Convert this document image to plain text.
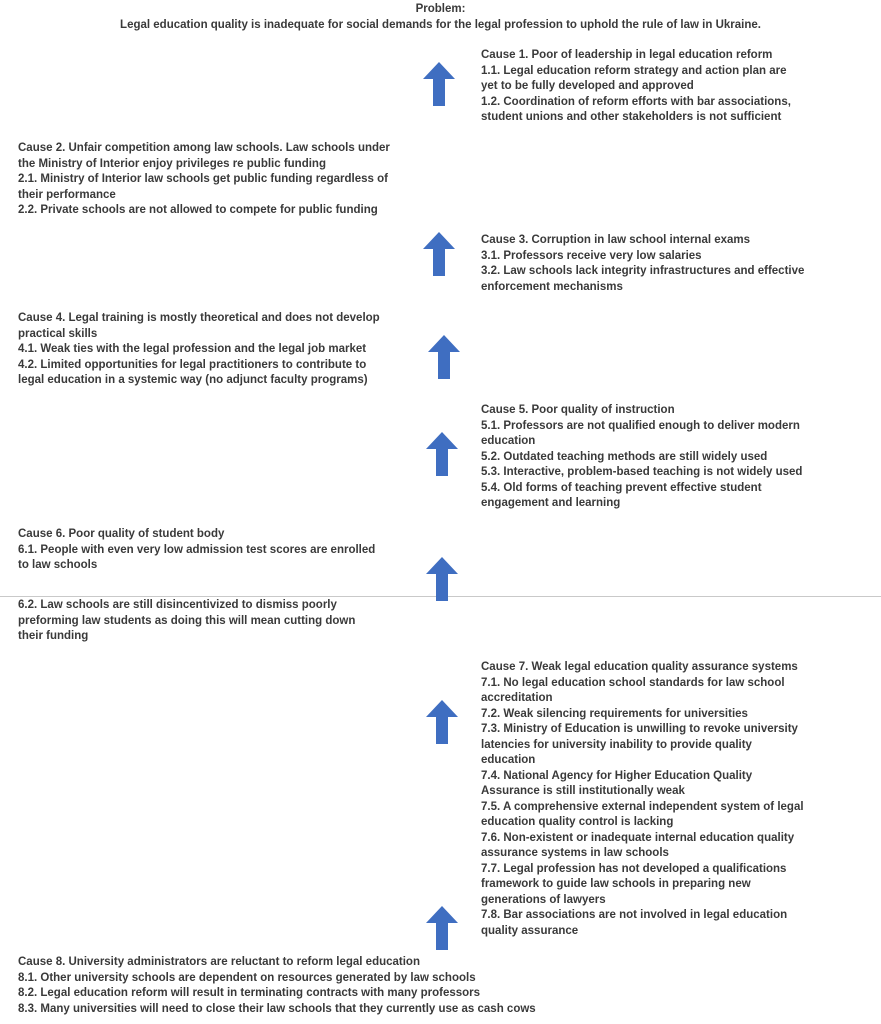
Problem:
Legal education quality is inadequate for social demands for the legal profession to uphold the rule of law in Ukraine.
Cause 1. Poor of leadership in legal education reform
1.1. Legal education reform strategy and action plan are
yet to be fully developed and approved
1.2. Coordination of reform efforts with bar associations,
student unions and other stakeholders is not sufficient
Cause 2. Unfair competition among law schools. Law schools under
the Ministry of Interior enjoy privileges re public funding
2.1. Ministry of Interior law schools get public funding regardless of
their performance
2.2. Private schools are not allowed to compete for public funding
Cause 3. Corruption in law school internal exams
3.1. Professors receive very low salaries
3.2. Law schools lack integrity infrastructures and effective
enforcement mechanisms
Cause 4. Legal training is mostly theoretical and does not develop
practical skills
4.1. Weak ties with the legal profession and the legal job market
4.2. Limited opportunities for legal practitioners to contribute to
legal education in a systemic way (no adjunct faculty programs)
Cause 5. Poor quality of instruction
5.1. Professors are not qualified enough to deliver modern
education
5.2. Outdated teaching methods are still widely used
5.3. Interactive, problem-based teaching is not widely used
5.4. Old forms of teaching prevent effective student
engagement and learning
Cause 6. Poor quality of student body
6.1. People with even very low admission test scores are enrolled
to law schools
6.2. Law schools are still disincentivized to dismiss poorly
preforming law students as doing this will mean cutting down
their funding
Cause 7. Weak legal education quality assurance systems
7.1. No legal education school standards for law school
accreditation
7.2. Weak silencing requirements for universities
7.3. Ministry of Education is unwilling to revoke university
latencies for university inability to provide quality
education
7.4. National Agency for Higher Education Quality
Assurance is still institutionally weak
7.5. A comprehensive external independent system of legal
education quality control is lacking
7.6. Non-existent or inadequate internal education quality
assurance systems in law schools
7.7. Legal profession has not developed a qualifications
framework to guide law schools in preparing new
generations of lawyers
7.8. Bar associations are not involved in legal education
quality assurance
Cause 8. University administrators are reluctant to reform legal education
8.1. Other university schools are dependent on resources generated by law schools
8.2. Legal education reform will result in terminating contracts with many professors
8.3. Many universities will need to close their law schools that they currently use as cash cows
